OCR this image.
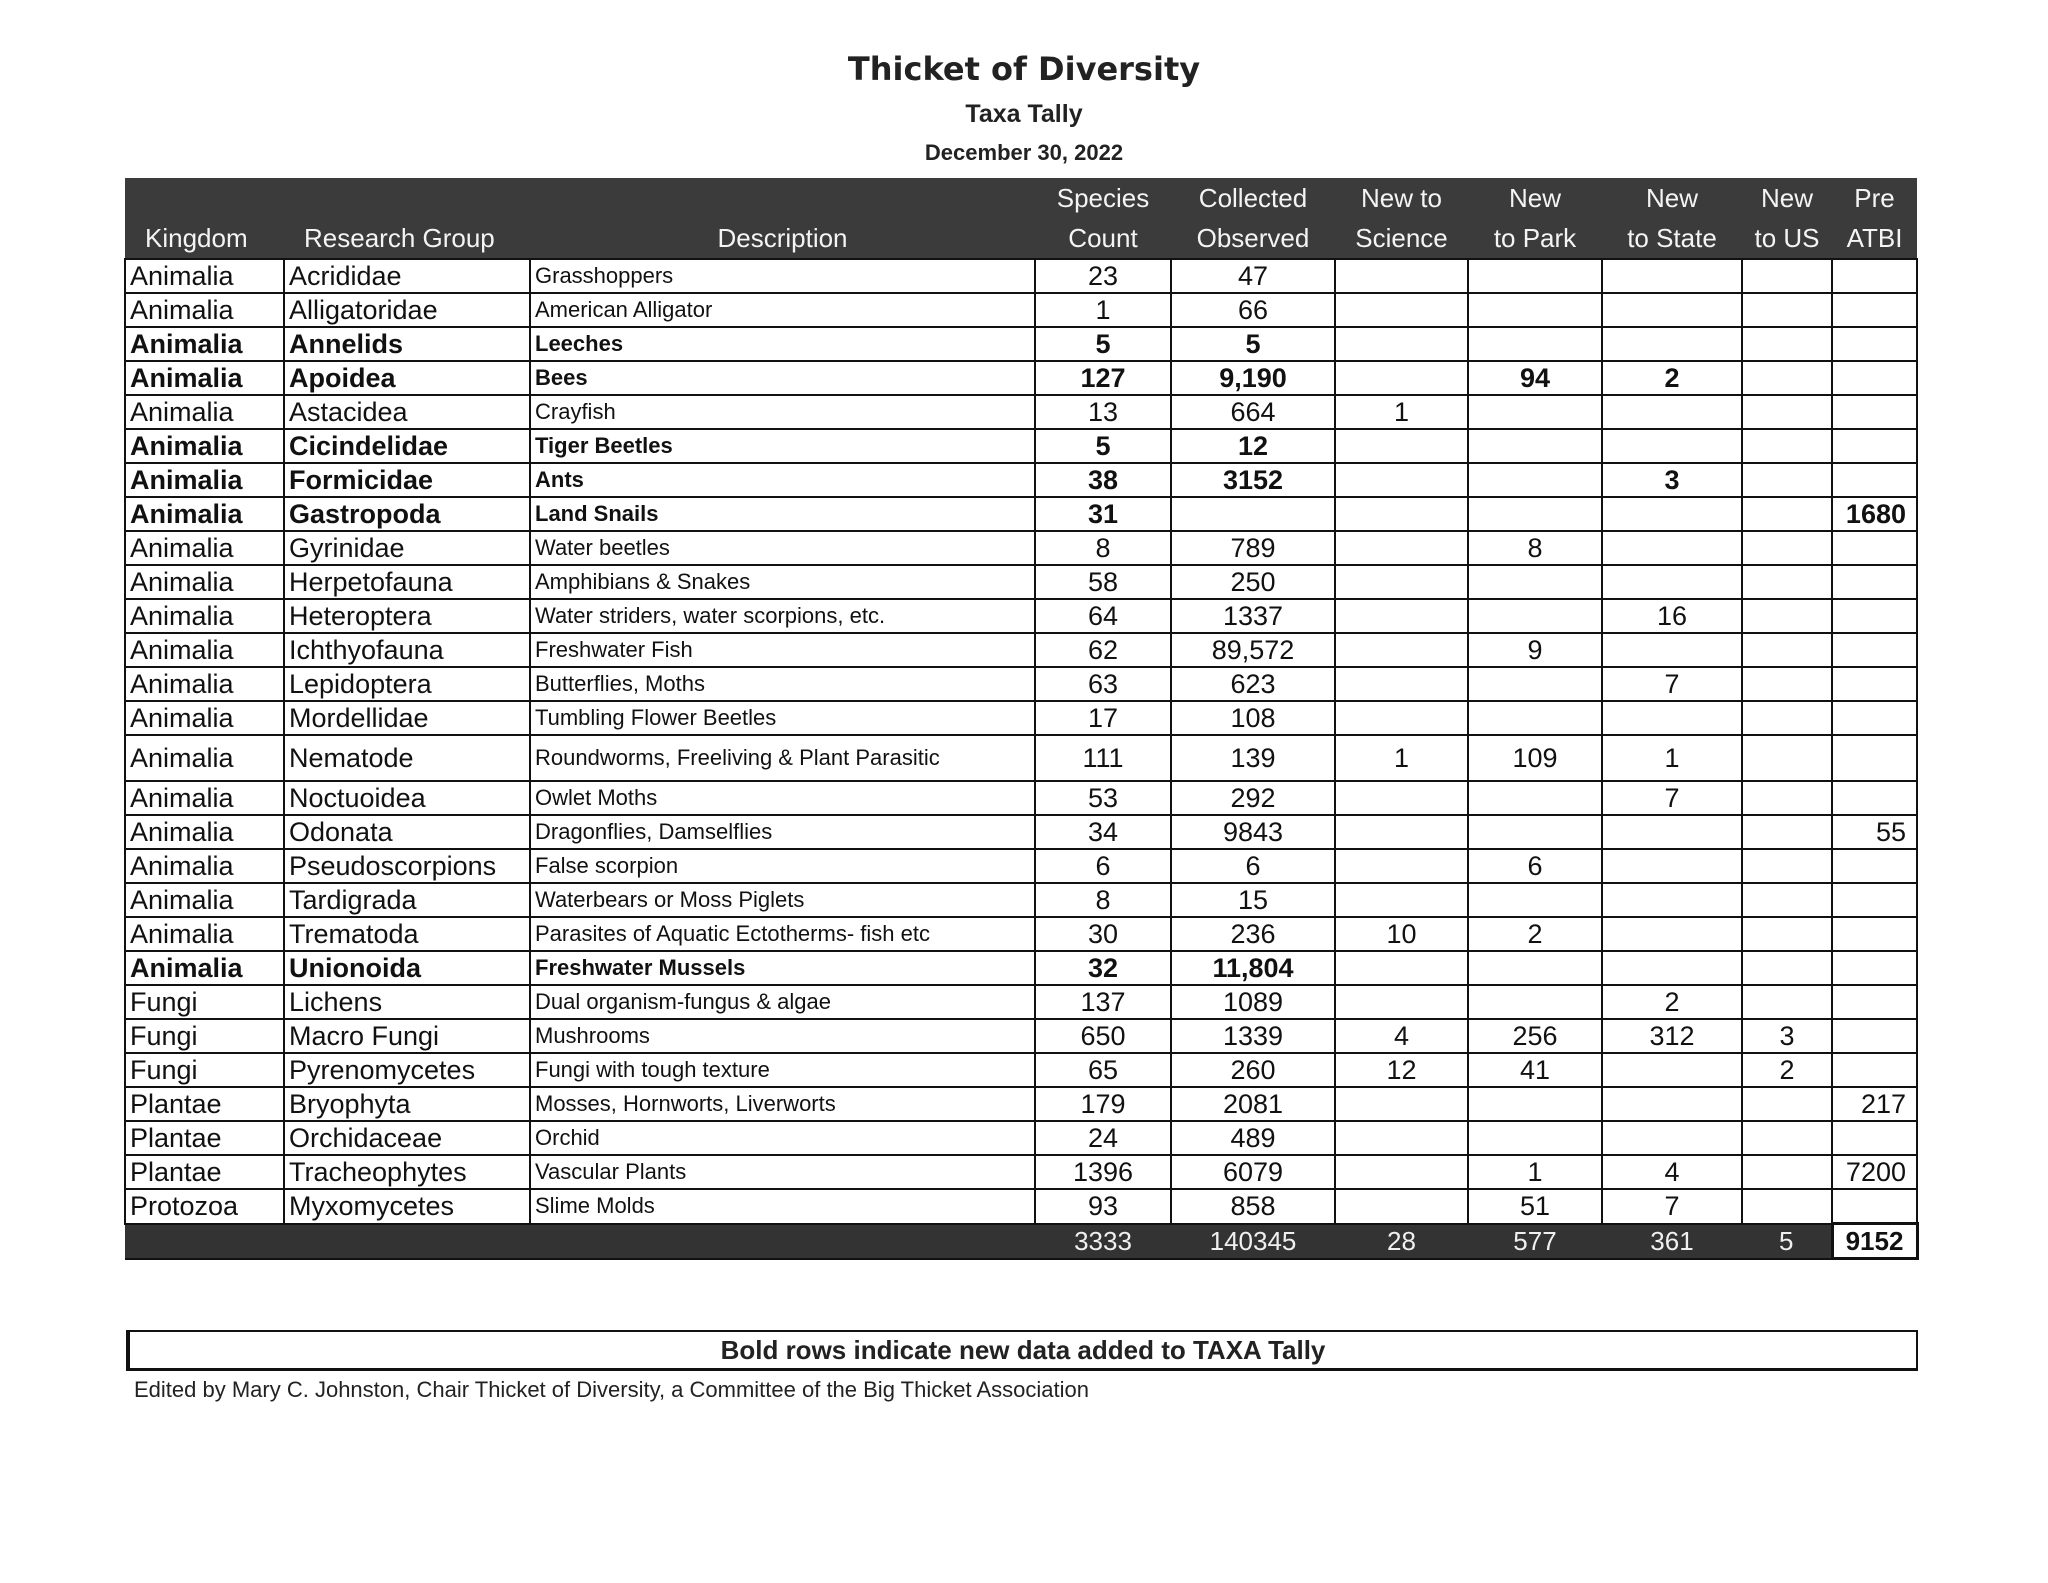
Thicket of Diversity
Taxa Tally
December 30, 2022
			Species	Collected	New to	New	New	New	Pre
Kingdom	Research Group	Description	Count	Observed	Science	to Park	to State	to US	ATBI
Animalia	Acrididae	Grasshoppers	23	47					
Animalia	Alligatoridae	American Alligator	1	66					
Animalia	Annelids	Leeches	5	5					
Animalia	Apoidea	Bees	127	9,190		94	2		
Animalia	Astacidea	Crayfish	13	664	1				
Animalia	Cicindelidae	Tiger Beetles	5	12					
Animalia	Formicidae	Ants	38	3152			3		
Animalia	Gastropoda	Land Snails	31						1680
Animalia	Gyrinidae	Water beetles	8	789		8			
Animalia	Herpetofauna	Amphibians & Snakes	58	250					
Animalia	Heteroptera	Water striders, water scorpions, etc.	64	1337			16		
Animalia	Ichthyofauna	Freshwater Fish	62	89,572		9			
Animalia	Lepidoptera	Butterflies, Moths	63	623			7		
Animalia	Mordellidae	Tumbling Flower Beetles	17	108					
Animalia	Nematode	Roundworms, Freeliving & Plant Parasitic	111	139	1	109	1		
Animalia	Noctuoidea	Owlet Moths	53	292			7		
Animalia	Odonata	Dragonflies, Damselflies	34	9843					55
Animalia	Pseudoscorpions	False scorpion	6	6		6			
Animalia	Tardigrada	Waterbears or Moss Piglets	8	15					
Animalia	Trematoda	Parasites of Aquatic Ectotherms- fish etc	30	236	10	2			
Animalia	Unionoida	Freshwater Mussels	32	11,804					
Fungi	Lichens	Dual organism-fungus & algae	137	1089			2		
Fungi	Macro Fungi	Mushrooms	650	1339	4	256	312	3	
Fungi	Pyrenomycetes	Fungi with tough texture	65	260	12	41		2	
Plantae	Bryophyta	Mosses, Hornworts, Liverworts	179	2081					217
Plantae	Orchidaceae	Orchid	24	489					
Plantae	Tracheophytes	Vascular Plants	1396	6079		1	4		7200
Protozoa	Myxomycetes	Slime Molds	93	858		51	7		
			3333	140345	28	577	361	5	9152
Bold rows indicate new data added to TAXA Tally
Edited by Mary C. Johnston, Chair Thicket of Diversity, a Committee of the Big Thicket Association
